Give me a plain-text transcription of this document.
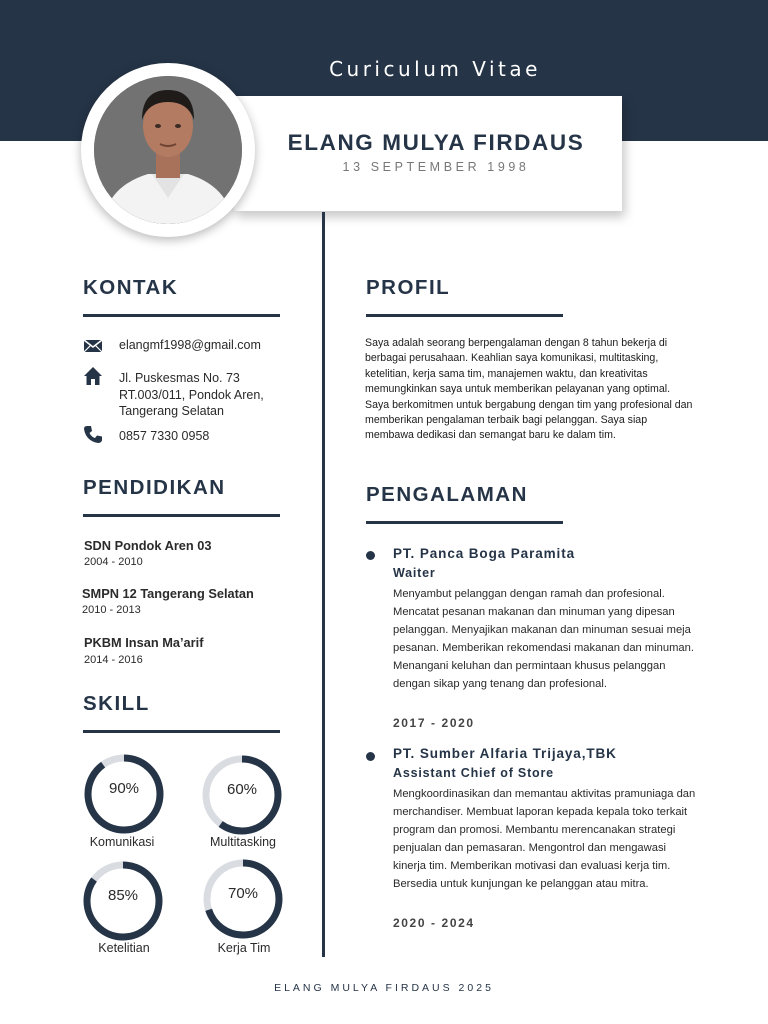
Curiculum Vitae
ELANG MULYA FIRDAUS
13 SEPTEMBER 1998
KONTAK
elangmf1998@gmail.com
Jl. Puskesmas No. 73
RT.003/011, Pondok Aren,
Tangerang Selatan
0857 7330 0958
PENDIDIKAN
SDN Pondok Aren 03
2004 - 2010
SMPN 12 Tangerang Selatan
2010 - 2013
PKBM Insan Ma’arif
2014 - 2016
SKILL
90%
Komunikasi
60%
Multitasking
85%
Ketelitian
70%
Kerja Tim
PROFIL
Saya adalah seorang berpengalaman dengan 8 tahun bekerja di berbagai perusahaan. Keahlian saya komunikasi, multitasking, ketelitian, kerja sama tim, manajemen waktu, dan kreativitas memungkinkan saya untuk memberikan pelayanan yang optimal. Saya berkomitmen untuk bergabung dengan tim yang profesional dan memberikan pengalaman terbaik bagi pelanggan. Saya siap membawa dedikasi dan semangat baru ke dalam tim.
PENGALAMAN
PT. Panca Boga Paramita
Waiter
Menyambut pelanggan dengan ramah dan profesional. Mencatat pesanan makanan dan minuman yang dipesan pelanggan. Menyajikan makanan dan minuman sesuai meja pesanan. Memberikan rekomendasi makanan dan minuman. Menangani keluhan dan permintaan khusus pelanggan dengan sikap yang tenang dan profesional.
2017 - 2020
PT. Sumber Alfaria Trijaya,TBK
Assistant Chief of Store
Mengkoordinasikan dan memantau aktivitas pramuniaga dan merchandiser. Membuat laporan kepada kepala toko terkait program dan promosi. Membantu merencanakan strategi penjualan dan pemasaran. Mengontrol dan mengawasi kinerja tim. Memberikan motivasi dan evaluasi kerja tim. Bersedia untuk kunjungan ke pelanggan atau mitra.
2020 - 2024
ELANG MULYA FIRDAUS 2025
